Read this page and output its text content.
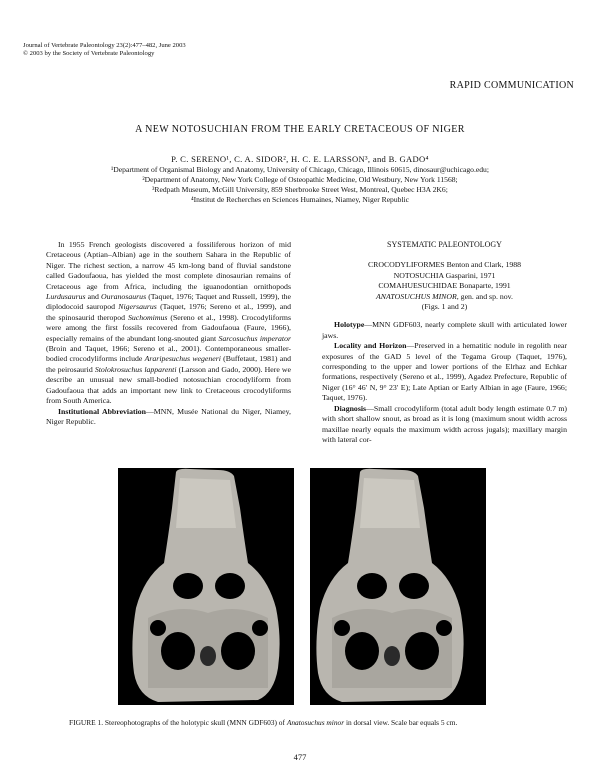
Journal of Vertebrate Paleontology 23(2):477–482, June 2003
© 2003 by the Society of Vertebrate Paleontology
RAPID COMMUNICATION
A NEW NOTOSUCHIAN FROM THE EARLY CRETACEOUS OF NIGER
P. C. SERENO¹, C. A. SIDOR², H. C. E. LARSSON³, and B. GADO⁴
¹Department of Organismal Biology and Anatomy, University of Chicago, Chicago, Illinois 60615, dinosaur@uchicago.edu;
²Department of Anatomy, New York College of Osteopathic Medicine, Old Westbury, New York 11568;
³Redpath Museum, McGill University, 859 Sherbrooke Street West, Montreal, Quebec H3A 2K6;
⁴Institut de Recherches en Sciences Humaines, Niamey, Niger Republic

In 1955 French geologists discovered a fossiliferous horizon of mid Cretaceous (Aptian–Albian) age in the southern Sahara in the Republic of Niger. The richest section, a narrow 45 km-long band of fluvial sandstone called Gadoufaoua, has yielded the most complete dinosaurian remains of Cretaceous age from Africa, including the iguanodontian ornithopods Lurdusaurus and Ouranosaurus (Taquet, 1976; Taquet and Russell, 1999), the diplodocoid sauropod Nigersaurus (Taquet, 1976; Sereno et al., 1999), and the spinosaurid theropod Suchomimus (Sereno et al., 1998). Crocodyliforms were among the first fossils recovered from Gadoufaoua (Faure, 1966), especially remains of the abundant long-snouted giant Sarcosuchus imperator (Broin and Taquet, 1966; Sereno et al., 2001). Contemporaneous smaller-bodied crocodyliforms include Araripesuchus wegeneri (Buffetaut, 1981) and the peirosaurid Stolokrosuchus lapparenti (Larsson and Gado, 2000). Here we describe an unusual new small-bodied notosuchian crocodyliform from Gadoufaoua that adds an important new link to Cretaceous crocodyliforms from South America.

Institutional Abbreviation—MNN, Musée National du Niger, Niamey, Niger Republic.

SYSTEMATIC PALEONTOLOGY
CROCODYLIFORMES Benton and Clark, 1988
NOTOSUCHIA Gasparini, 1971
COMAHUESUCHIDAE Bonaparte, 1991
ANATOSUCHUS MINOR, gen. and sp. nov.
(Figs. 1 and 2)

Holotype—MNN GDF603, nearly complete skull with articulated lower jaws.

Locality and Horizon—Preserved in a hematitic nodule in regolith near exposures of the GAD 5 level of the Tegama Group (Taquet, 1976), corresponding to the upper and lower portions of the Elrhaz and Echkar formations, respectively (Sereno et al., 1999), Agadez Prefecture, Republic of Niger (16° 46′ N, 9° 23′ E); Late Aptian or Early Albian in age (Faure, 1966; Taquet, 1976).

Diagnosis—Small crocodyliform (total adult body length estimate 0.7 m) with short shallow snout, as broad as it is long (maximum snout width across maxillae nearly equals the maximum width across jugals); maxillary margin with lateral cor-

FIGURE 1. Stereophotographs of the holotypic skull (MNN GDF603) of Anatosuchus minor in dorsal view. Scale bar equals 5 cm.
477
